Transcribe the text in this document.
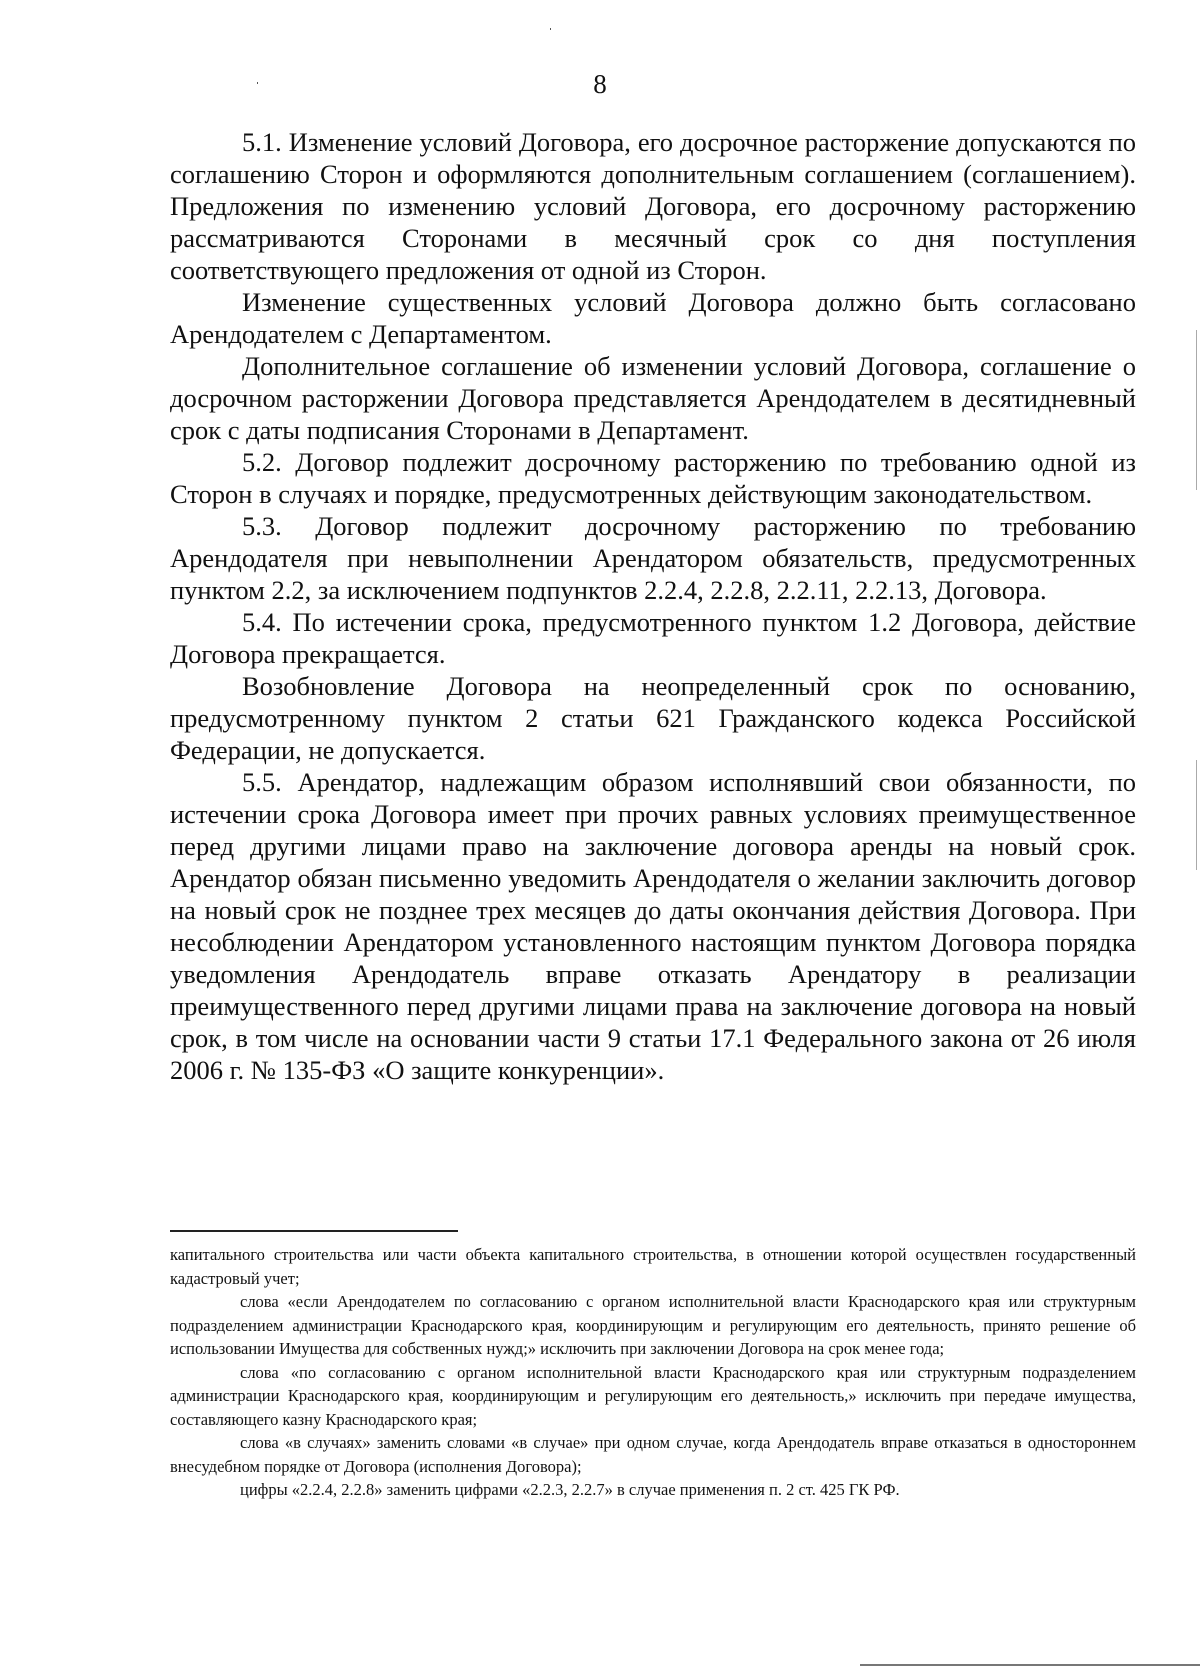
8

5.1. Изменение условий Договора, его досрочное расторжение допускаются по соглашению Сторон и оформляются дополнительным соглашением (соглашением). Предложения по изменению условий Договора, его досрочному расторжению рассматриваются Сторонами в месячный срок со дня поступления соответствующего предложения от одной из Сторон.

Изменение существенных условий Договора должно быть согласовано Арендодателем с Департаментом.

Дополнительное соглашение об изменении условий Договора, соглашение о досрочном расторжении Договора представляется Арендодателем в десятидневный срок с даты подписания Сторонами в Департамент.

5.2. Договор подлежит досрочному расторжению по требованию одной из Сторон в случаях и порядке, предусмотренных действующим законодательством.

5.3. Договор подлежит досрочному расторжению по требованию Арендодателя при невыполнении Арендатором обязательств, предусмотренных пунктом 2.2, за исключением подпунктов 2.2.4, 2.2.8, 2.2.11, 2.2.13, Договора.

5.4. По истечении срока, предусмотренного пунктом 1.2 Договора, действие Договора прекращается.

Возобновление Договора на неопределенный срок по основанию, предусмотренному пунктом 2 статьи 621 Гражданского кодекса Российской Федерации, не допускается.

5.5. Арендатор, надлежащим образом исполнявший свои обязанности, по истечении срока Договора имеет при прочих равных условиях преимущественное перед другими лицами право на заключение договора аренды на новый срок. Арендатор обязан письменно уведомить Арендодателя о желании заключить договор на новый срок не позднее трех месяцев до даты окончания действия Договора. При несоблюдении Арендатором установленного настоящим пунктом Договора порядка уведомления Арендодатель вправе отказать Арендатору в реализации преимущественного перед другими лицами права на заключение договора на новый срок, в том числе на основании части 9 статьи 17.1 Федерального закона от 26 июля 2006 г. № 135-ФЗ «О защите конкуренции».

капитального строительства или части объекта капитального строительства, в отношении которой осуществлен государственный кадастровый учет;

слова «если Арендодателем по согласованию с органом исполнительной власти Краснодарского края или структурным подразделением администрации Краснодарского края, координирующим и регулирующим его деятельность, принято решение об использовании Имущества для собственных нужд;» исключить при заключении Договора на срок менее года;

слова «по согласованию с органом исполнительной власти Краснодарского края или структурным подразделением администрации Краснодарского края, координирующим и регулирующим его деятельность,» исключить при передаче имущества, составляющего казну Краснодарского края;

слова «в случаях» заменить словами «в случае» при одном случае, когда Арендодатель вправе отказаться в одностороннем внесудебном порядке от Договора (исполнения Договора);

цифры «2.2.4, 2.2.8» заменить цифрами «2.2.3, 2.2.7» в случае применения п. 2 ст. 425 ГК РФ.
